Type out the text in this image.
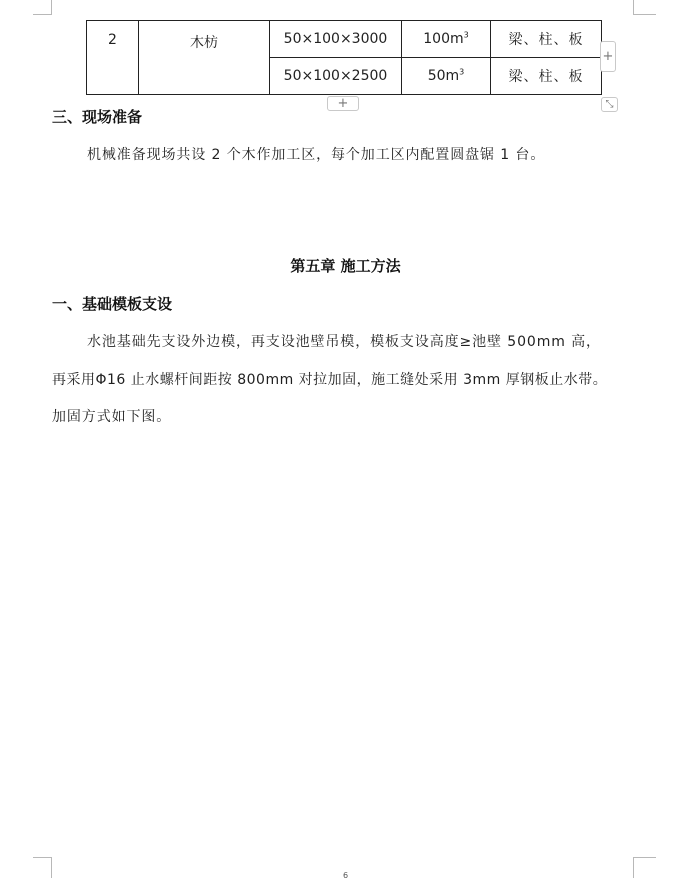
2	木枋	50×100×3000	$100m^3$	梁、柱、板
		50×100×2500	$50m^3$	梁、柱、板
+
+	⤡
三、现场准备
机械准备现场共设 2 个木作加工区，每个加工区内配置圆盘锯 1 台。
第五章 施工方法
一、基础模板支设
水池基础先支设外边模，再支设池壁吊模，模板支设高度≥池壁 500mm 高，
再采用Φ16 止水螺杆间距按 800mm 对拉加固，施工缝处采用 3mm 厚钢板止水带。
加固方式如下图。
6
